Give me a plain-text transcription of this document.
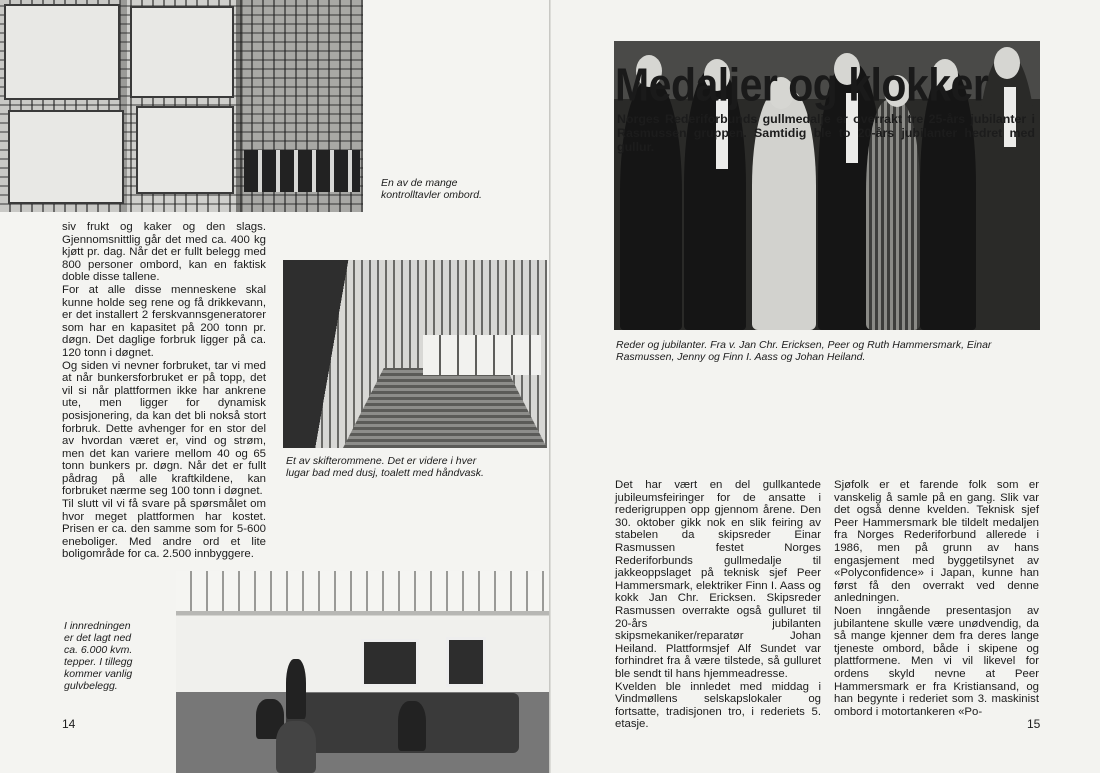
En av de mange kontrolltavler ombord.

siv frukt og kaker og den slags. Gjennomsnittlig går det med ca. 400 kg kjøtt pr. dag. Når det er fullt belegg med 800 personer ombord, kan en faktisk doble disse tallene.

For at alle disse menneskene skal kunne holde seg rene og få drikkevann, er det installert 2 ferskvannsgeneratorer som har en kapasitet på 200 tonn pr. døgn. Det daglige forbruk ligger på ca. 120 tonn i døgnet.

Og siden vi nevner forbruket, tar vi med at når bunkersforbruket er på topp, det vil si når plattformen ikke har ankrene ute, men ligger for dynamisk posisjonering, da kan det bli nokså stort forbruk. Dette avhenger for en stor del av hvordan været er, vind og strøm, men det kan variere mellom 40 og 65 tonn bunkers pr. døgn. Når det er fullt pådrag på alle kraftkildene, kan forbruket nærme seg 100 tonn i døgnet.

Til slutt vil vi få svare på spørsmålet om hvor meget plattformen har kostet. Prisen er ca. den samme som for 5-600 eneboliger. Med andre ord et lite boligområde for ca. 2.500 innbyggere.

Et av skifterommene. Det er videre i hver lugar bad med dusj, toalett med håndvask.
I innredningen er det lagt ned ca. 6.000 kvm. tepper. I tillegg kommer vanlig gulvbelegg.
14
Reder og jubilanter. Fra v. Jan Chr. Ericksen, Peer og Ruth Hammersmark, Einar Rasmussen, Jenny og Finn I. Aass og Johan Heiland.
Medaljer og klokker

Norges Rederiforbunds gullmedalje er overrakt tre 25-års jubilanter i Rasmussen gruppen. Samtidig ble to 20-års jubilanter hedret med gullur.

Det har vært en del gullkantede jubileumsfeiringer for de ansatte i rederigruppen opp gjennom årene. Den 30. oktober gikk nok en slik feiring av stabelen da skipsreder Einar Rasmussen festet Norges Rederiforbunds gullmedalje til jakkeoppslaget på teknisk sjef Peer Hammersmark, elektriker Finn I. Aass og kokk Jan Chr. Ericksen. Skipsreder Rasmussen overrakte også gulluret til 20-års jubilanten skipsmekaniker/reparatør Johan Heiland. Plattformsjef Alf Sundet var forhindret fra å være tilstede, så gulluret ble sendt til hans hjemmeadresse.

Kvelden ble innledet med middag i Vindmøllens selskapslokaler og fortsatte, tradisjonen tro, i rederiets 5. etasje.

Sjøfolk er et farende folk som er vanskelig å samle på en gang. Slik var det også denne kvelden. Teknisk sjef Peer Hammersmark ble tildelt medaljen fra Norges Rederiforbund allerede i 1986, men på grunn av hans engasjement med byggetilsynet av «Polyconfidence» i Japan, kunne han først få den overrakt ved denne anledningen.

Noen inngående presentasjon av jubilantene skulle være unødvendig, da så mange kjenner dem fra deres lange tjeneste ombord, både i skipene og plattformene. Men vi vil likevel for ordens skyld nevne at Peer Hammersmark er fra Kristiansand, og han begynte i rederiet som 3. maskinist ombord i motortankeren «Po-

15
